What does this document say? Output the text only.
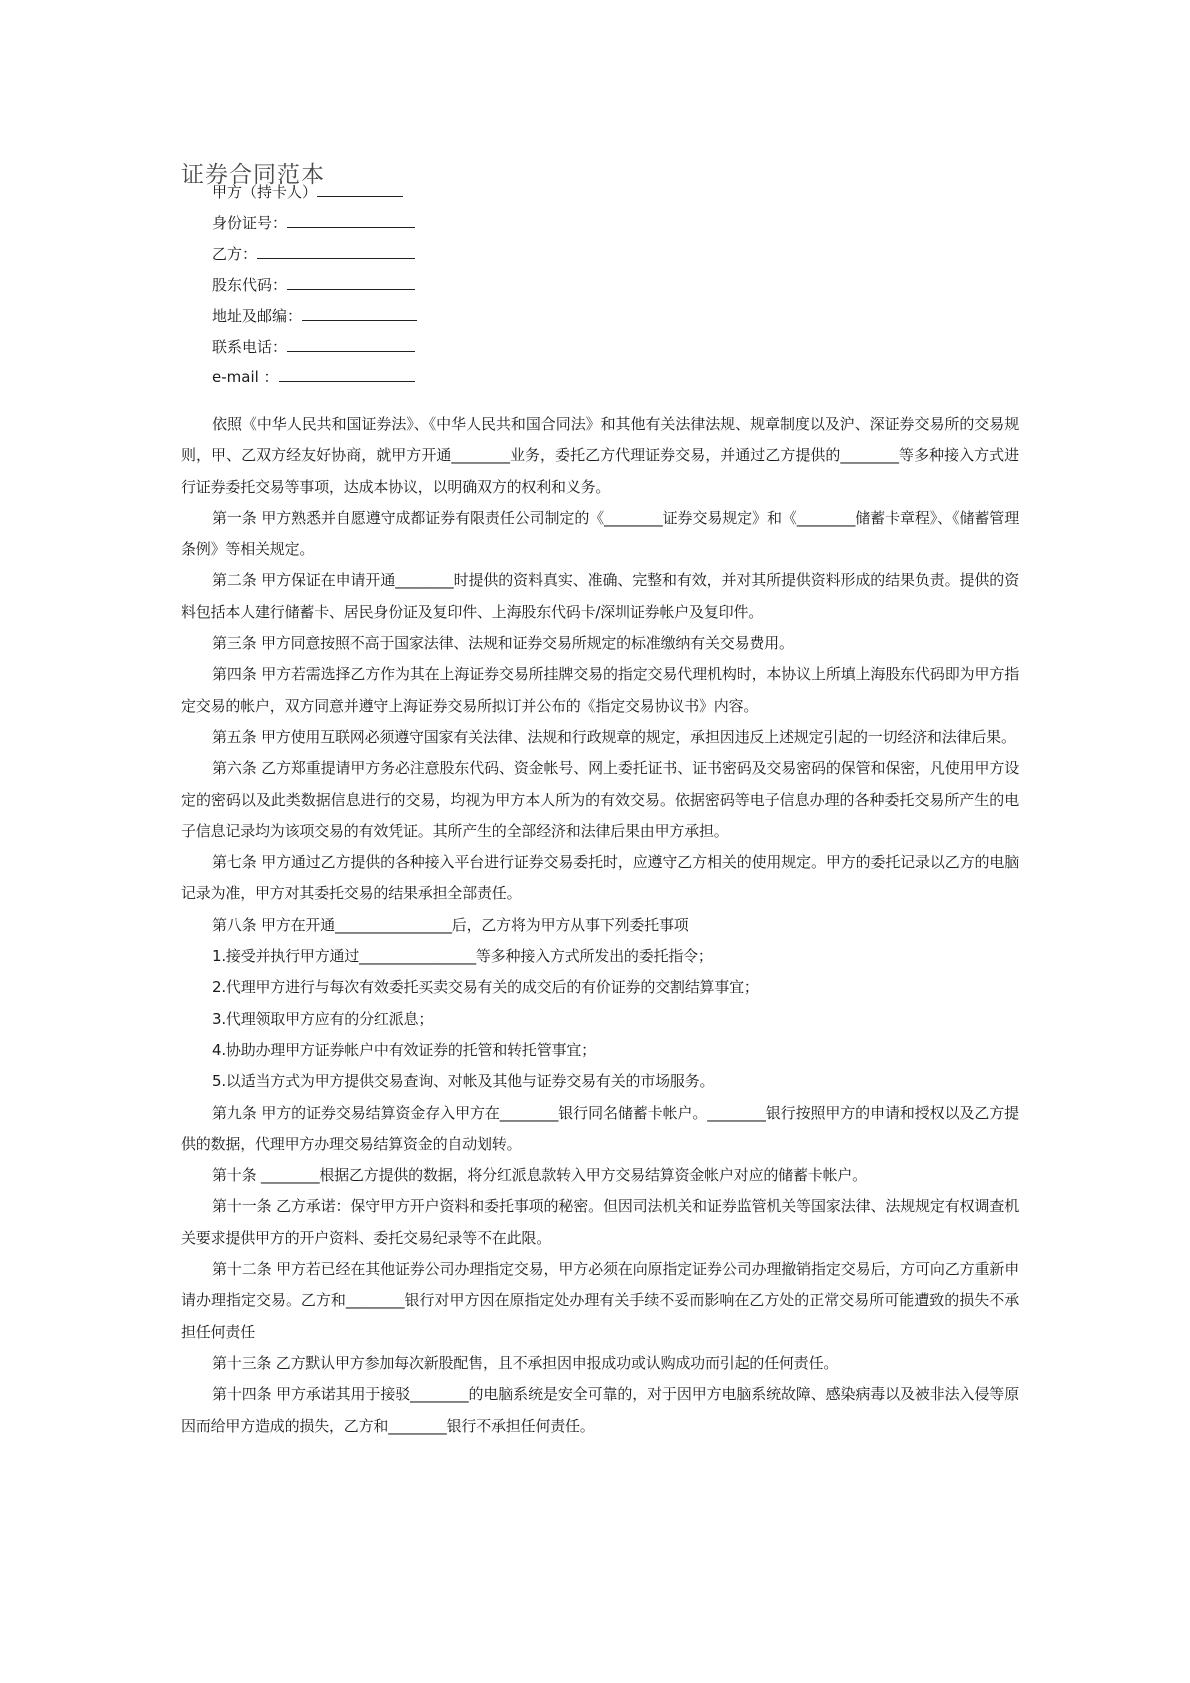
证券合同范本
甲方（持卡人）
身份证号：
乙方：
股东代码：
地址及邮编：
联系电话：
e-mail ：

依照《中华人民共和国证券法》、《中华人民共和国合同法》和其他有关法律法规、规章制度以及沪、深证券交易所的交易规则，甲、乙双方经友好协商，就甲方开通________业务，委托乙方代理证券交易，并通过乙方提供的________等多种接入方式进行证券委托交易等事项，达成本协议，以明确双方的权利和义务。

第一条 甲方熟悉并自愿遵守成都证券有限责任公司制定的《________证券交易规定》和《________储蓄卡章程》、《储蓄管理条例》等相关规定。

第二条 甲方保证在申请开通________时提供的资料真实、准确、完整和有效，并对其所提供资料形成的结果负责。提供的资料包括本人建行储蓄卡、居民身份证及复印件、上海股东代码卡/深圳证券帐户及复印件。

第三条 甲方同意按照不高于国家法律、法规和证券交易所规定的标准缴纳有关交易费用。

第四条 甲方若需选择乙方作为其在上海证券交易所挂牌交易的指定交易代理机构时，本协议上所填上海股东代码即为甲方指定交易的帐户，双方同意并遵守上海证券交易所拟订并公布的《指定交易协议书》内容。

第五条 甲方使用互联网必须遵守国家有关法律、法规和行政规章的规定，承担因违反上述规定引起的一切经济和法律后果。

第六条 乙方郑重提请甲方务必注意股东代码、资金帐号、网上委托证书、证书密码及交易密码的保管和保密，凡使用甲方设定的密码以及此类数据信息进行的交易，均视为甲方本人所为的有效交易。依据密码等电子信息办理的各种委托交易所产生的电子信息记录均为该项交易的有效凭证。其所产生的全部经济和法律后果由甲方承担。

第七条 甲方通过乙方提供的各种接入平台进行证券交易委托时，应遵守乙方相关的使用规定。甲方的委托记录以乙方的电脑记录为准，甲方对其委托交易的结果承担全部责任。

第八条 甲方在开通________________后，乙方将为甲方从事下列委托事项

1.接受并执行甲方通过________________等多种接入方式所发出的委托指令；

2.代理甲方进行与每次有效委托买卖交易有关的成交后的有价证券的交割结算事宜；

3.代理领取甲方应有的分红派息；

4.协助办理甲方证券帐户中有效证券的托管和转托管事宜；

5.以适当方式为甲方提供交易查询、对帐及其他与证券交易有关的市场服务。

第九条 甲方的证券交易结算资金存入甲方在________银行同名储蓄卡帐户。________银行按照甲方的申请和授权以及乙方提供的数据，代理甲方办理交易结算资金的自动划转。

第十条 ________根据乙方提供的数据，将分红派息款转入甲方交易结算资金帐户对应的储蓄卡帐户。

第十一条 乙方承诺：保守甲方开户资料和委托事项的秘密。但因司法机关和证券监管机关等国家法律、法规规定有权调查机关要求提供甲方的开户资料、委托交易纪录等不在此限。

第十二条 甲方若已经在其他证券公司办理指定交易，甲方必须在向原指定证券公司办理撤销指定交易后，方可向乙方重新申请办理指定交易。乙方和________银行对甲方因在原指定处办理有关手续不妥而影响在乙方处的正常交易所可能遭致的损失不承担任何责任

第十三条 乙方默认甲方参加每次新股配售，且不承担因申报成功或认购成功而引起的任何责任。

第十四条 甲方承诺其用于接驳________的电脑系统是安全可靠的，对于因甲方电脑系统故障、感染病毒以及被非法入侵等原因而给甲方造成的损失，乙方和________银行不承担任何责任。
